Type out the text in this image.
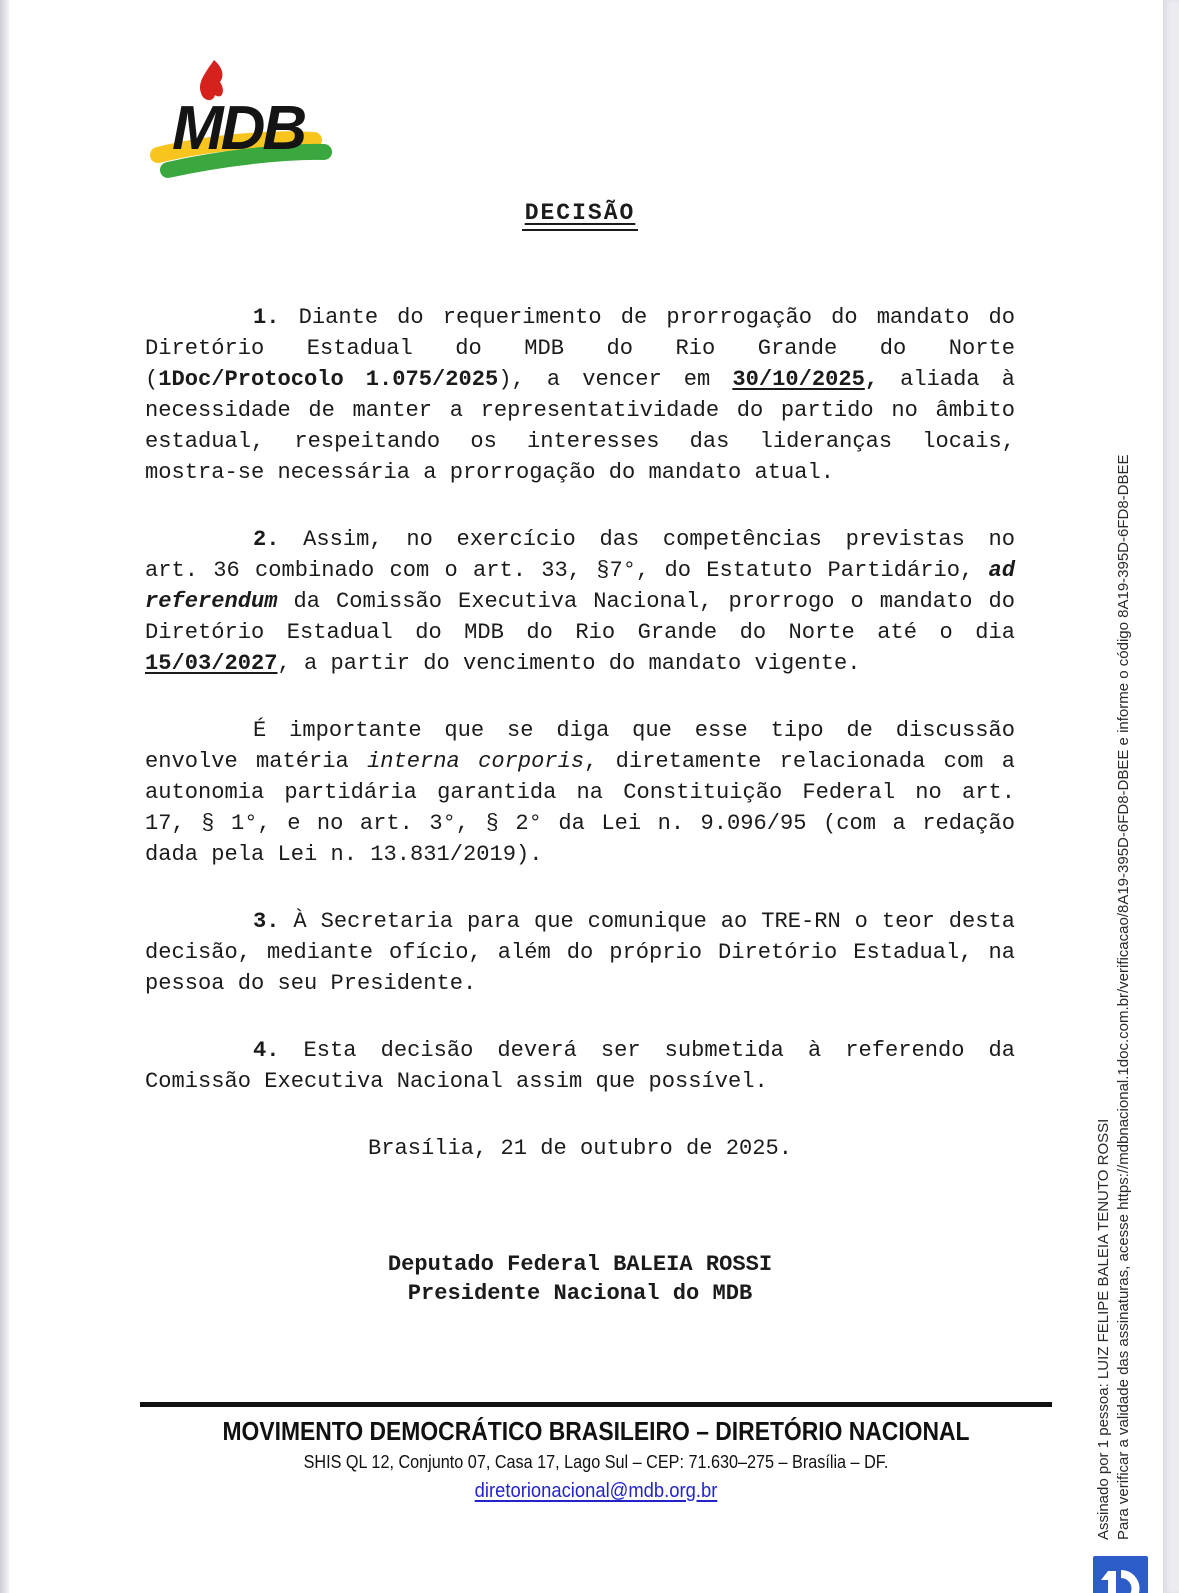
MDB
DECISÃO
1. Diante do requerimento de prorrogação do mandato do Diretório Estadual do MDB do Rio Grande do Norte (1Doc/Protocolo 1.075/2025), a vencer em 30/10/2025, aliada à necessidade de manter a representatividade do partido no âmbito estadual, respeitando os interesses das lideranças locais, mostra-se necessária a prorrogação do mandato atual.
2. Assim, no exercício das competências previstas no art. 36 combinado com o art. 33, §7°, do Estatuto Partidário, ad referendum da Comissão Executiva Nacional, prorrogo o mandato do Diretório Estadual do MDB do Rio Grande do Norte até o dia 15/03/2027, a partir do vencimento do mandato vigente.
É importante que se diga que esse tipo de discussão envolve matéria interna corporis, diretamente relacionada com a autonomia partidária garantida na Constituição Federal no art. 17, § 1°, e no art. 3°, § 2° da Lei n. 9.096/95 (com a redação dada pela Lei n. 13.831/2019).
3. À Secretaria para que comunique ao TRE-RN o teor desta decisão, mediante ofício, além do próprio Diretório Estadual, na pessoa do seu Presidente.
4. Esta decisão deverá ser submetida à referendo da Comissão Executiva Nacional assim que possível.
Brasília, 21 de outubro de 2025.
Deputado Federal BALEIA ROSSI
Presidente Nacional do MDB
MOVIMENTO DEMOCRÁTICO BRASILEIRO – DIRETÓRIO NACIONAL
SHIS QL 12, Conjunto 07, Casa 17, Lago Sul – CEP: 71.630–275 – Brasília – DF.
diretorionacional@mdb.org.br	Assinado por 1 pessoa: LUIZ FELIPE BALEIA TENUTO ROSSI Para verificar a validade das assinaturas, acesse https://mdbnacional.1doc.com.br/verificacao/8A19-395D-6FD8-DBEE e informe o código 8A19-395D-6FD8-DBEE
